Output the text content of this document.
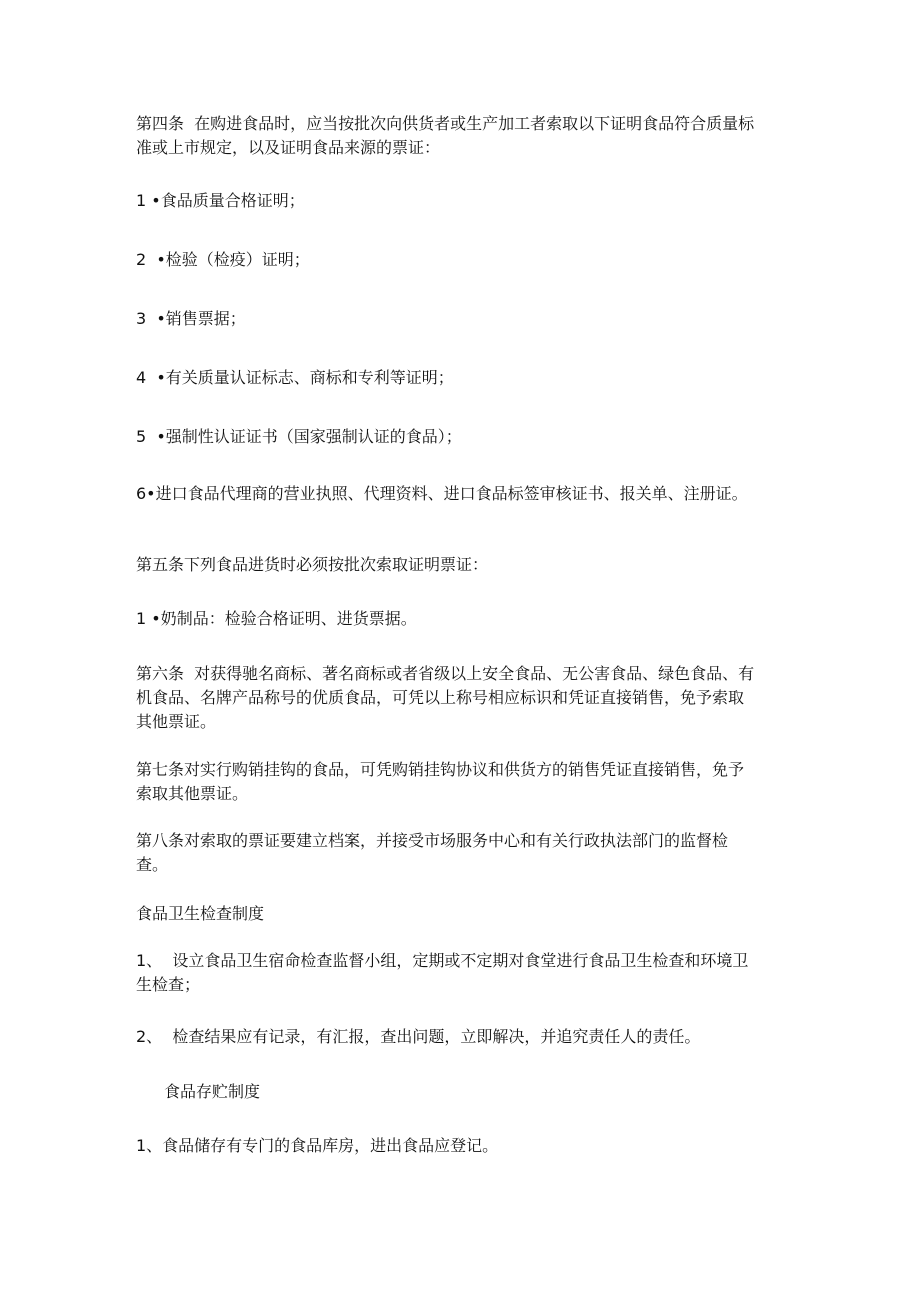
第四条  在购进食品时，应当按批次向供货者或生产加工者索取以下证明食品符合质量标准或上市规定，以及证明食品来源的票证：

1 •食品质量合格证明；

2  •检验（检疫）证明；

3  •销售票据；

4  •有关质量认证标志、商标和专利等证明；

5  •强制性认证证书（国家强制认证的食品）；

6•进口食品代理商的营业执照、代理资料、进口食品标签审核证书、报关单、注册证。

第五条下列食品进货时必须按批次索取证明票证：

1 •奶制品：检验合格证明、进货票据。

第六条  对获得驰名商标、著名商标或者省级以上安全食品、无公害食品、绿色食品、有机食品、名牌产品称号的优质食品，可凭以上称号相应标识和凭证直接销售，免予索取其他票证。

第七条对实行购销挂钩的食品，可凭购销挂钩协议和供货方的销售凭证直接销售，免予索取其他票证。

第八条对索取的票证要建立档案，并接受市场服务中心和有关行政执法部门的监督检查。

食品卫生检查制度

1、  设立食品卫生宿命检查监督小组，定期或不定期对食堂进行食品卫生检查和环境卫生检查；

2、  检查结果应有记录，有汇报，查出问题，立即解决，并追究责任人的责任。

食品存贮制度

1、食品储存有专门的食品库房，进出食品应登记。
